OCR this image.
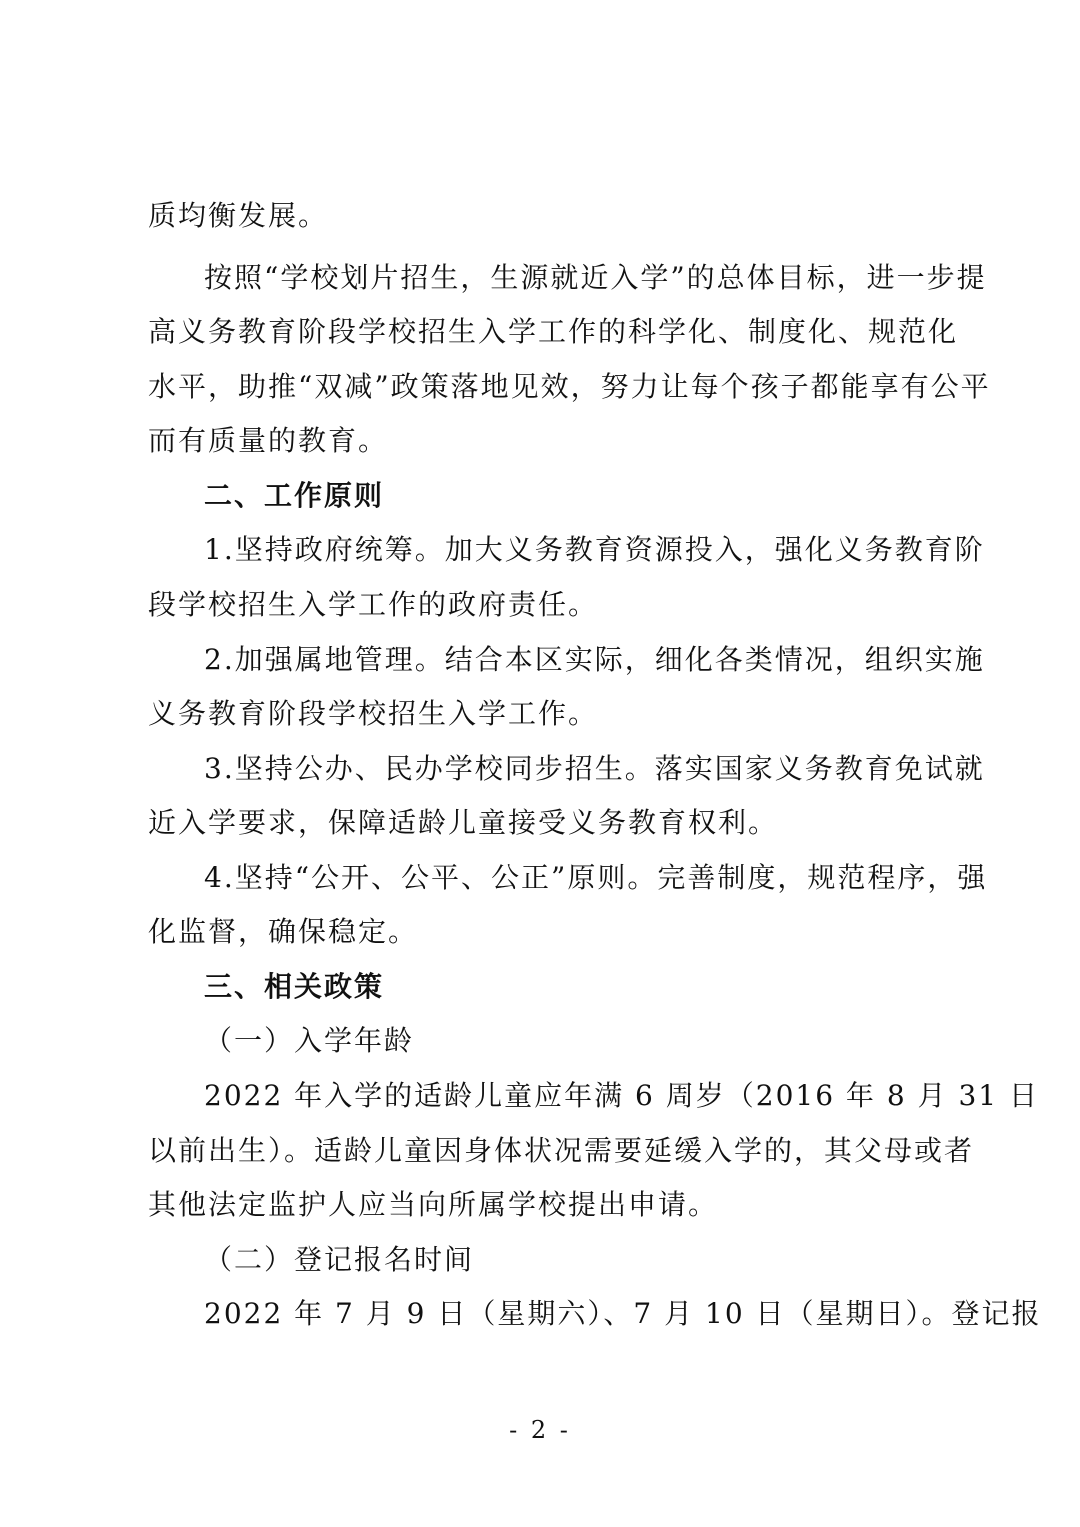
质均衡发展。
按照“学校划片招生，生源就近入学”的总体目标，进一步提
高义务教育阶段学校招生入学工作的科学化、制度化、规范化
水平，助推“双减”政策落地见效，努力让每个孩子都能享有公平
而有质量的教育。
二、工作原则
1.坚持政府统筹。加大义务教育资源投入，强化义务教育阶
段学校招生入学工作的政府责任。
2.加强属地管理。结合本区实际，细化各类情况，组织实施
义务教育阶段学校招生入学工作。
3.坚持公办、民办学校同步招生。落实国家义务教育免试就
近入学要求，保障适龄儿童接受义务教育权利。
4.坚持“公开、公平、公正”原则。完善制度，规范程序，强
化监督，确保稳定。
三、相关政策
（一）入学年龄
2022 年入学的适龄儿童应年满 6 周岁（2016 年 8 月 31 日
以前出生）。适龄儿童因身体状况需要延缓入学的，其父母或者
其他法定监护人应当向所属学校提出申请。
（二）登记报名时间
2022 年 7 月 9 日（星期六）、7 月 10 日（星期日）。登记报
- 2 -
